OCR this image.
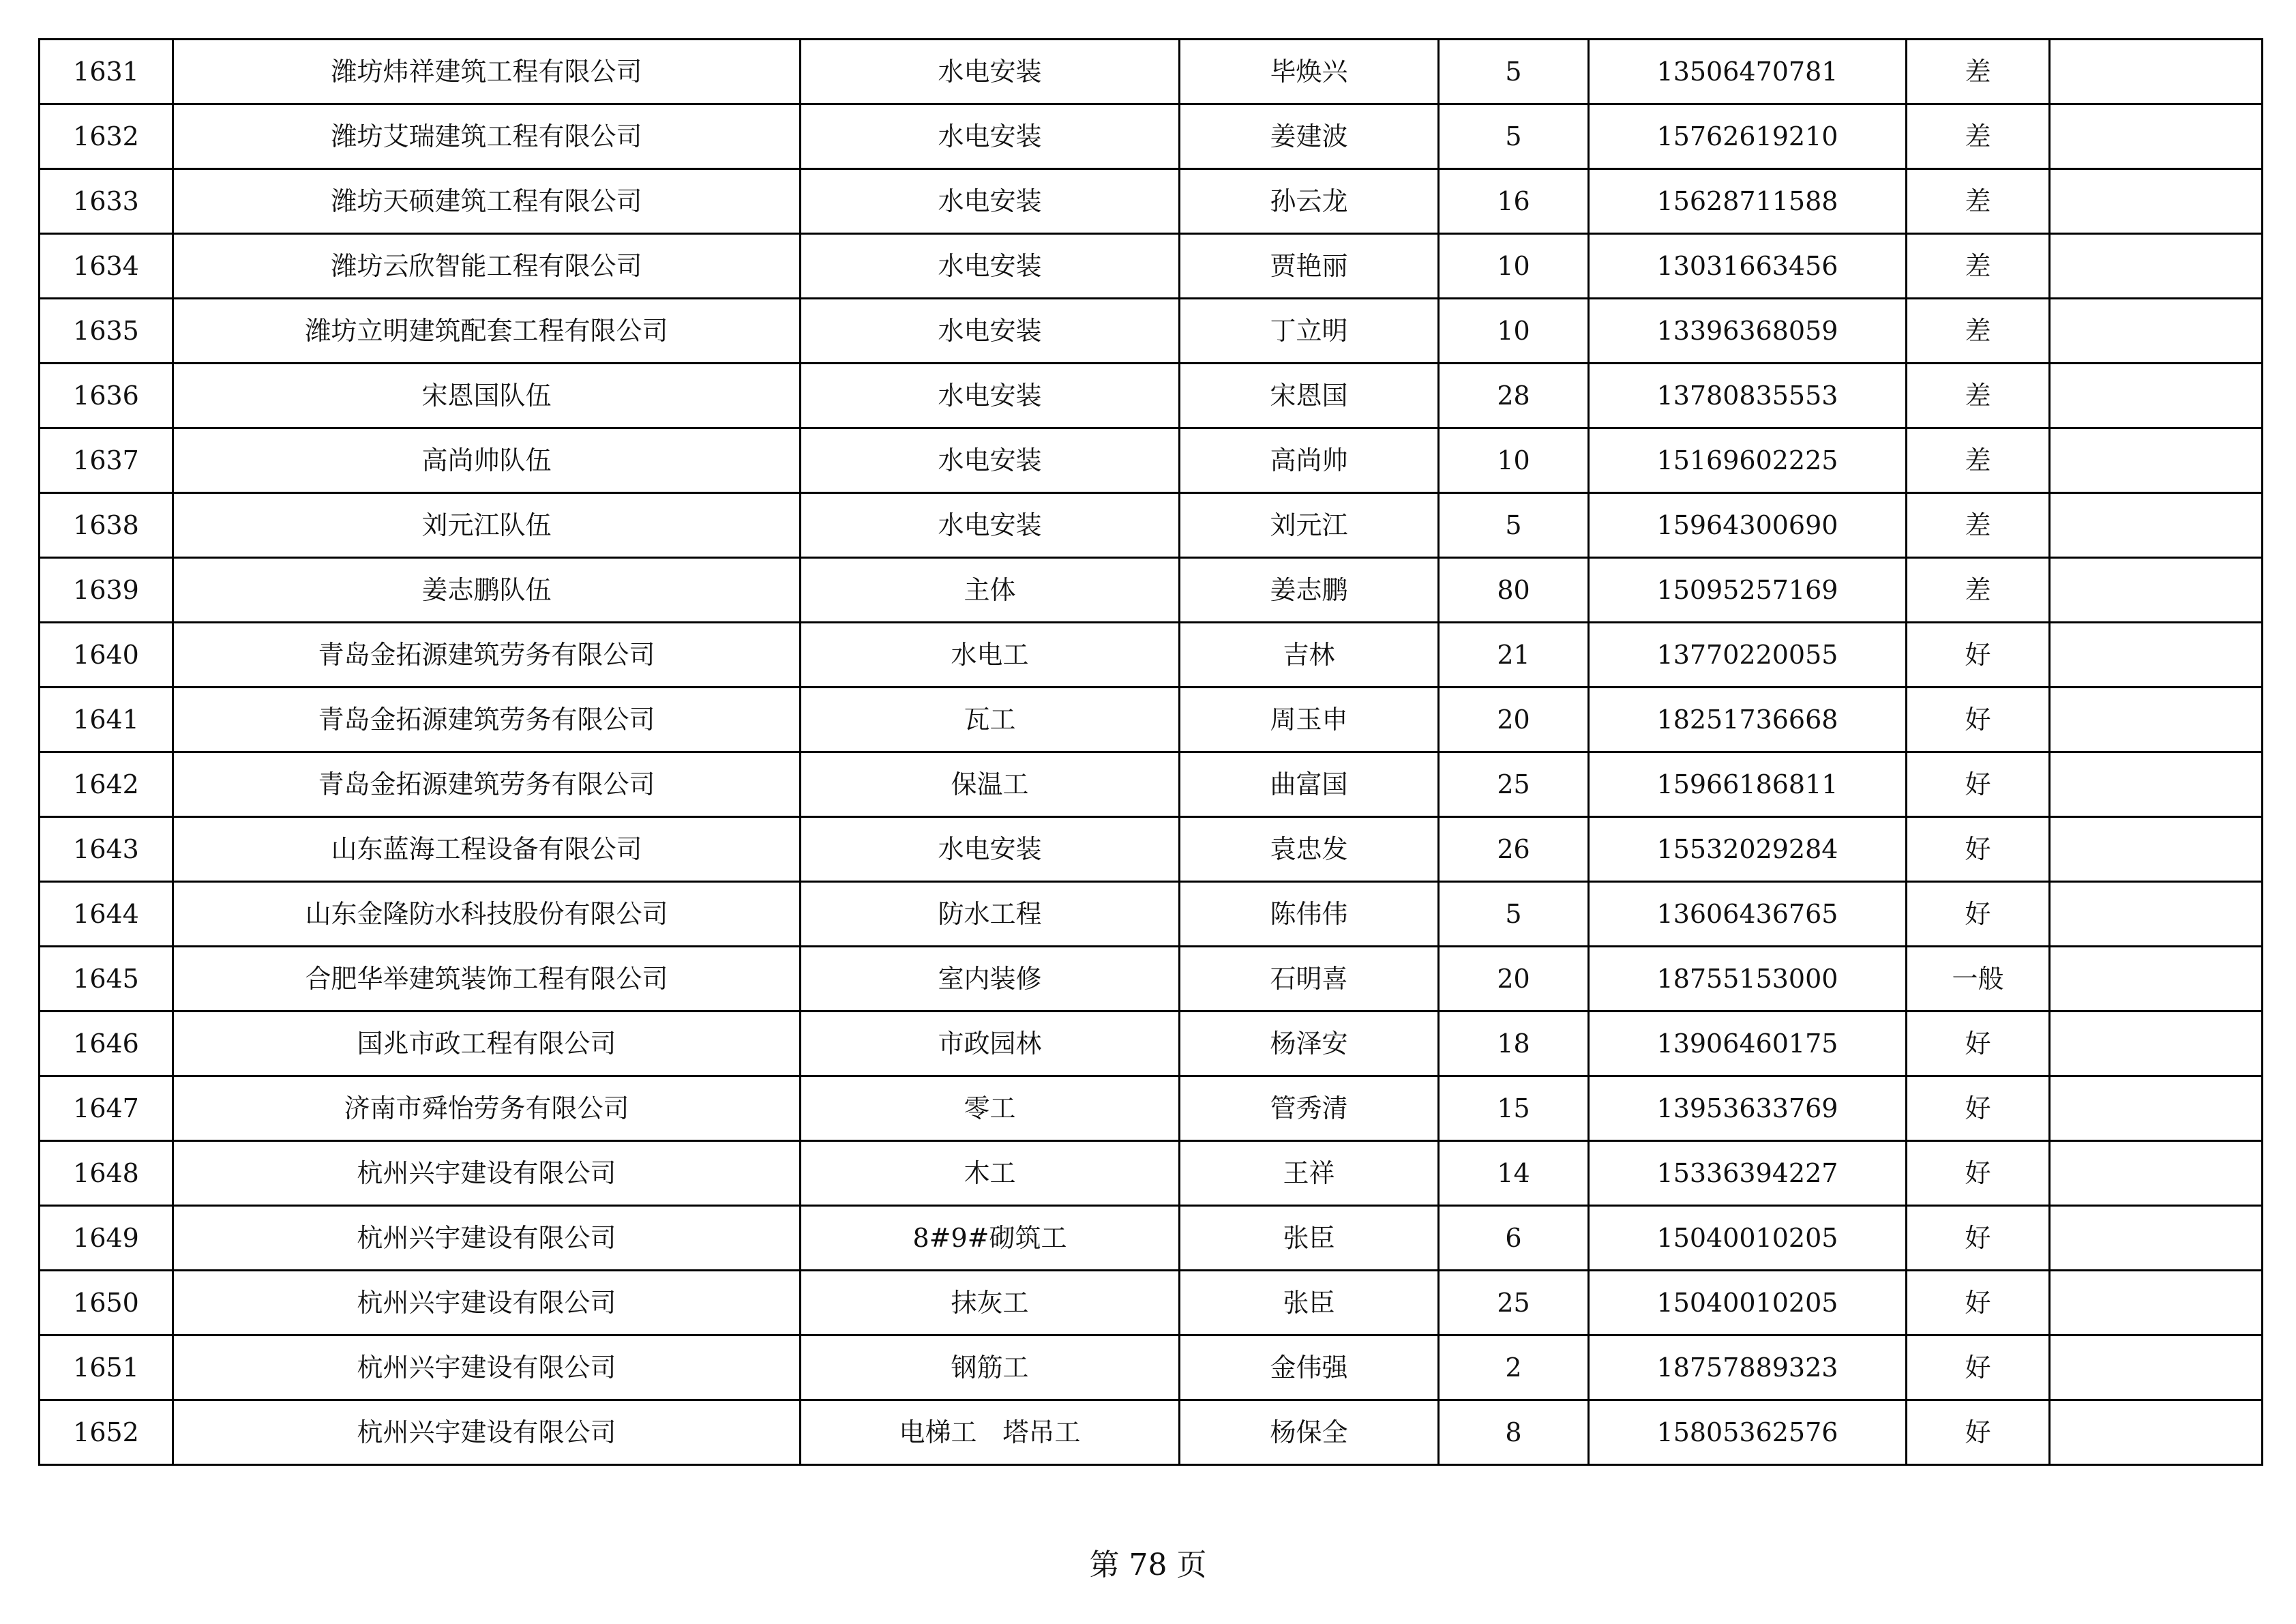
1631	潍坊炜祥建筑工程有限公司	水电安装	毕焕兴	5	13506470781	差	
1632	潍坊艾瑞建筑工程有限公司	水电安装	姜建波	5	15762619210	差	
1633	潍坊天硕建筑工程有限公司	水电安装	孙云龙	16	15628711588	差	
1634	潍坊云欣智能工程有限公司	水电安装	贾艳丽	10	13031663456	差	
1635	潍坊立明建筑配套工程有限公司	水电安装	丁立明	10	13396368059	差	
1636	宋恩国队伍	水电安装	宋恩国	28	13780835553	差	
1637	高尚帅队伍	水电安装	高尚帅	10	15169602225	差	
1638	刘元江队伍	水电安装	刘元江	5	15964300690	差	
1639	姜志鹏队伍	主体	姜志鹏	80	15095257169	差	
1640	青岛金拓源建筑劳务有限公司	水电工	吉林	21	13770220055	好	
1641	青岛金拓源建筑劳务有限公司	瓦工	周玉申	20	18251736668	好	
1642	青岛金拓源建筑劳务有限公司	保温工	曲富国	25	15966186811	好	
1643	山东蓝海工程设备有限公司	水电安装	袁忠发	26	15532029284	好	
1644	山东金隆防水科技股份有限公司	防水工程	陈伟伟	5	13606436765	好	
1645	合肥华举建筑装饰工程有限公司	室内装修	石明喜	20	18755153000	一般	
1646	国兆市政工程有限公司	市政园林	杨泽安	18	13906460175	好	
1647	济南市舜怡劳务有限公司	零工	管秀清	15	13953633769	好	
1648	杭州兴宇建设有限公司	木工	王祥	14	15336394227	好	
1649	杭州兴宇建设有限公司	8#9#砌筑工	张臣	6	15040010205	好	
1650	杭州兴宇建设有限公司	抹灰工	张臣	25	15040010205	好	
1651	杭州兴宇建设有限公司	钢筋工	金伟强	2	18757889323	好	
1652	杭州兴宇建设有限公司	电梯工　塔吊工	杨保全	8	15805362576	好	
第 78 页
